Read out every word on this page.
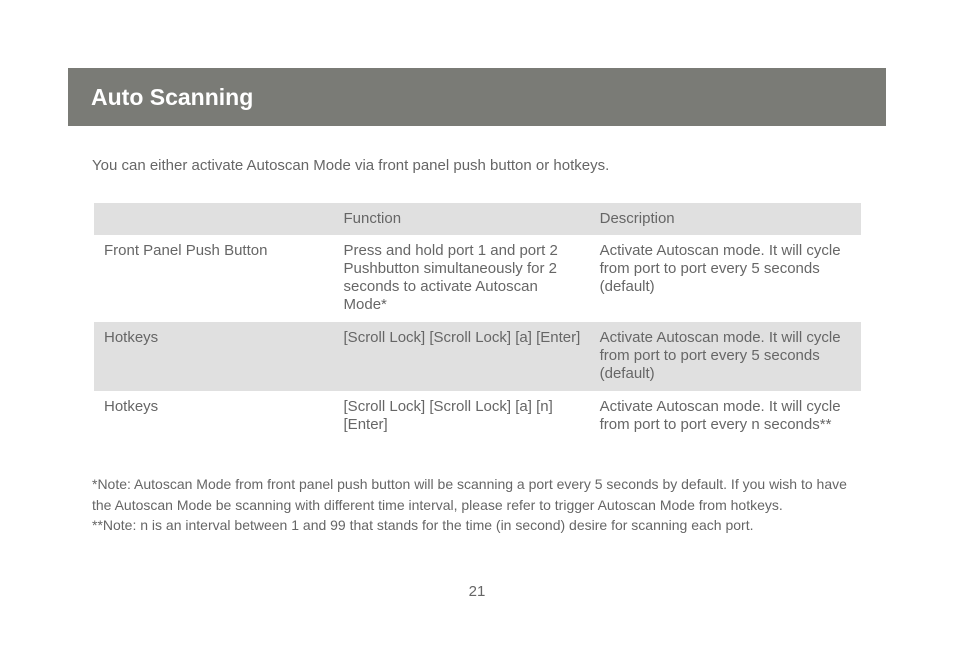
Auto Scanning

You can either activate Autoscan Mode via front panel push button or hotkeys.

	Function	Description

Front Panel Push Button	Press and hold port 1 and port 2 Pushbutton simultaneously for 2 seconds to activate Autoscan Mode*	Activate Autoscan mode. It will cycle from port to port every 5 seconds (default)

Hotkeys	[Scroll Lock] [Scroll Lock] [a] [Enter]	Activate Autoscan mode. It will cycle from port to port every 5 seconds (default)

Hotkeys	[Scroll Lock] [Scroll Lock] [a] [n] [Enter]	Activate Autoscan mode. It will cycle from port to port every n seconds**

*Note: Autoscan Mode from front panel push button will be scanning a port every 5 seconds by default. If you wish to have the Autoscan Mode be scanning with different time interval, please refer to trigger Autoscan Mode from hotkeys.

**Note: n is an interval between 1 and 99 that stands for the time (in second) desire for scanning each port.

21
